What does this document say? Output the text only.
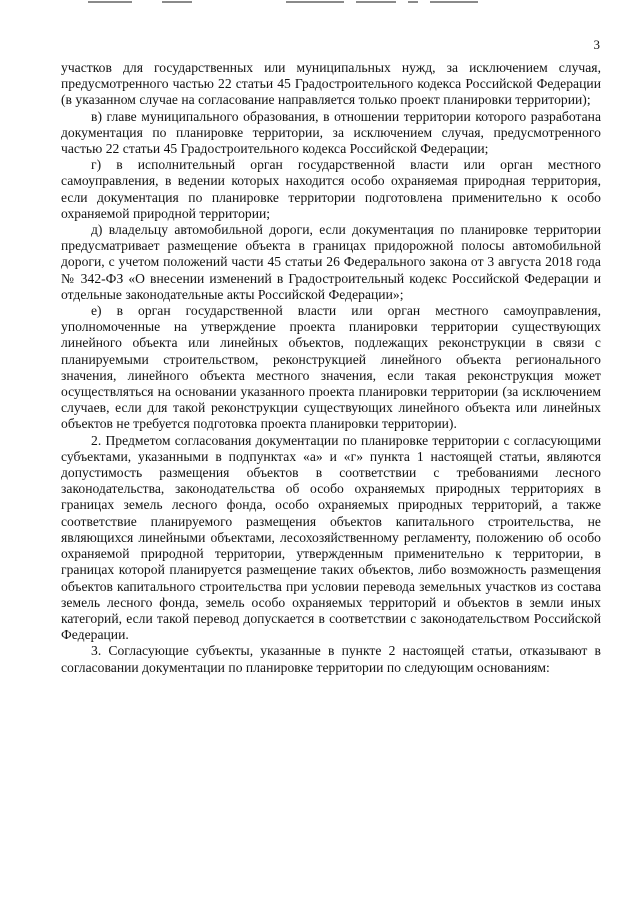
3

участков для государственных или муниципальных нужд, за исключением случая, предусмотренного частью 22 статьи 45 Градостроительного кодекса Российской Федерации (в указанном случае на согласование направляется только проект планировки территории);

в) главе муниципального образования, в отношении территории которого разработана документация по планировке территории, за исключением случая, предусмотренного частью 22 статьи 45 Градостроительного кодекса Российской Федерации;

г) в исполнительный орган государственной власти или орган местного самоуправления, в ведении которых находится особо охраняемая природная территория, если документация по планировке территории подготовлена применительно к особо охраняемой природной территории;

д) владельцу автомобильной дороги, если документация по планировке территории предусматривает размещение объекта в границах придорожной полосы автомобильной дороги, с учетом положений части 45 статьи 26 Федерального закона от 3 августа 2018 года № 342-ФЗ «О внесении изменений в Градостроительный кодекс Российской Федерации и отдельные законодательные акты Российской Федерации»;

е) в орган государственной власти или орган местного самоуправления, уполномоченные на утверждение проекта планировки территории существующих линейного объекта или линейных объектов, подлежащих реконструкции в связи с планируемыми строительством, реконструкцией линейного объекта регионального значения, линейного объекта местного значения, если такая реконструкция может осуществляться на основании указанного проекта планировки территории (за исключением случаев, если для такой реконструкции существующих линейного объекта или линейных объектов не требуется подготовка проекта планировки территории).

2. Предметом согласования документации по планировке территории с согласующими субъектами, указанными в подпунктах «а» и «г» пункта 1 настоящей статьи, являются допустимость размещения объектов в соответствии с требованиями лесного законодательства, законодательства об особо охраняемых природных территориях в границах земель лесного фонда, особо охраняемых природных территорий, а также соответствие планируемого размещения объектов капитального строительства, не являющихся линейными объектами, лесохозяйственному регламенту, положению об особо охраняемой природной территории, утвержденным применительно к территории, в границах которой планируется размещение таких объектов, либо возможность размещения объектов капитального строительства при условии перевода земельных участков из состава земель лесного фонда, земель особо охраняемых территорий и объектов в земли иных категорий, если такой перевод допускается в соответствии с законодательством Российской Федерации.

3. Согласующие субъекты, указанные в пункте 2 настоящей статьи, отказывают в согласовании документации по планировке территории по следующим основаниям:
